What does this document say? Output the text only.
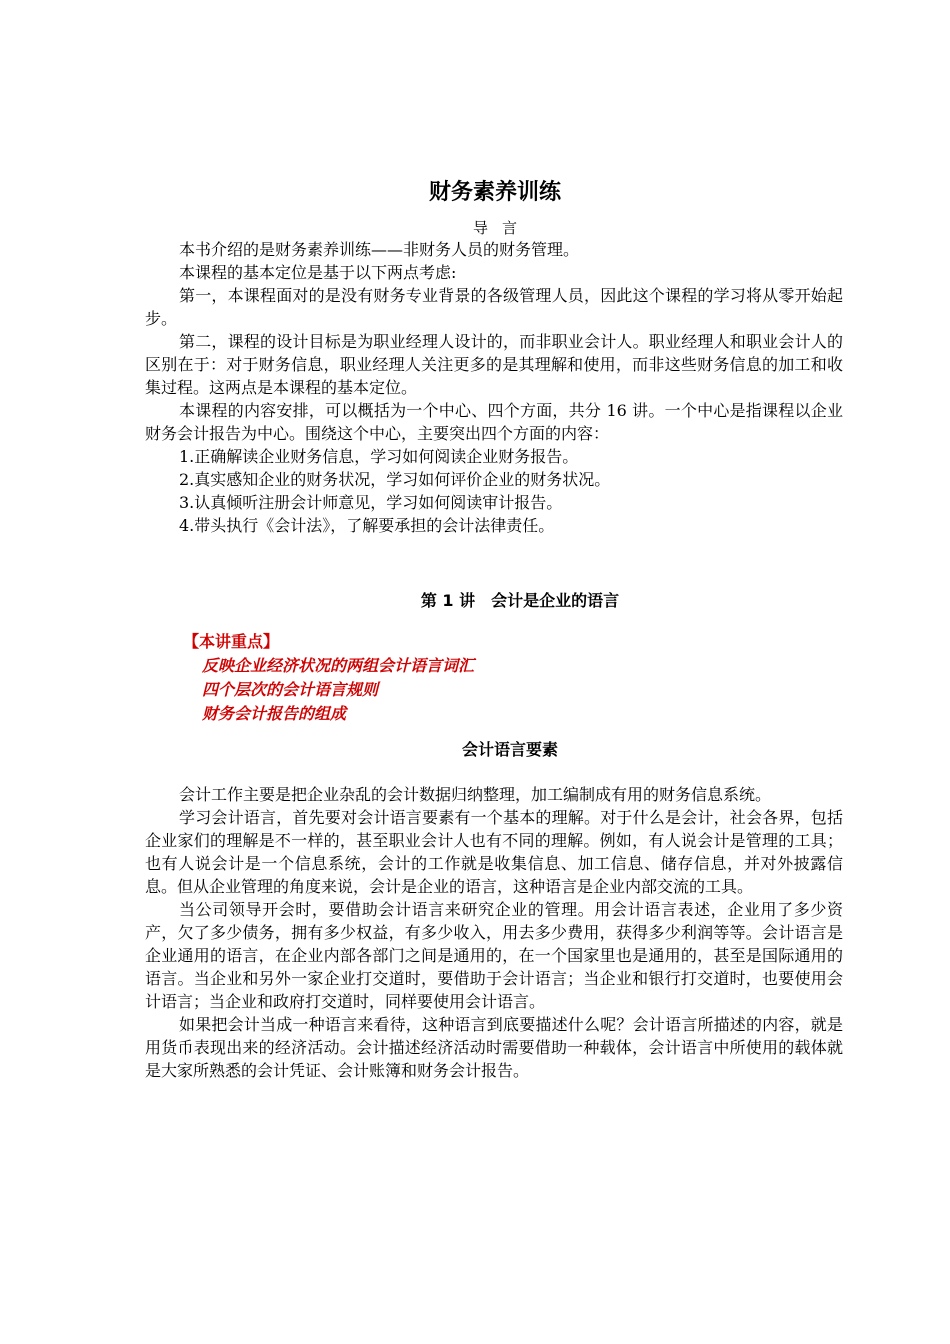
财务素养训练

导言

本书介绍的是财务素养训练——非财务人员的财务管理。

本课程的基本定位是基于以下两点考虑:

第一，本课程面对的是没有财务专业背景的各级管理人员，因此这个课程的学习将从零开始起步。

第二，课程的设计目标是为职业经理人设计的，而非职业会计人。职业经理人和职业会计人的区别在于：对于财务信息，职业经理人关注更多的是其理解和使用，而非这些财务信息的加工和收集过程。这两点是本课程的基本定位。

本课程的内容安排，可以概括为一个中心、四个方面，共分 16 讲。一个中心是指课程以企业财务会计报告为中心。围绕这个中心，主要突出四个方面的内容：

1.正确解读企业财务信息，学习如何阅读企业财务报告。

2.真实感知企业的财务状况，学习如何评价企业的财务状况。

3.认真倾听注册会计师意见，学习如何阅读审计报告。

4.带头执行《会计法》，了解要承担的会计法律责任。

第 1 讲　会计是企业的语言

【本讲重点】

反映企业经济状况的两组会计语言词汇

四个层次的会计语言规则

财务会计报告的组成

会计语言要素

会计工作主要是把企业杂乱的会计数据归纳整理，加工编制成有用的财务信息系统。

学习会计语言，首先要对会计语言要素有一个基本的理解。对于什么是会计，社会各界，包括企业家们的理解是不一样的，甚至职业会计人也有不同的理解。例如，有人说会计是管理的工具；也有人说会计是一个信息系统，会计的工作就是收集信息、加工信息、储存信息，并对外披露信息。但从企业管理的角度来说，会计是企业的语言，这种语言是企业内部交流的工具。

当公司领导开会时，要借助会计语言来研究企业的管理。用会计语言表述，企业用了多少资产，欠了多少债务，拥有多少权益，有多少收入，用去多少费用，获得多少利润等等。会计语言是企业通用的语言，在企业内部各部门之间是通用的，在一个国家里也是通用的，甚至是国际通用的语言。当企业和另外一家企业打交道时，要借助于会计语言；当企业和银行打交道时，也要使用会计语言；当企业和政府打交道时，同样要使用会计语言。

如果把会计当成一种语言来看待，这种语言到底要描述什么呢？会计语言所描述的内容，就是用货币表现出来的经济活动。会计描述经济活动时需要借助一种载体，会计语言中所使用的载体就是大家所熟悉的会计凭证、会计账簿和财务会计报告。
